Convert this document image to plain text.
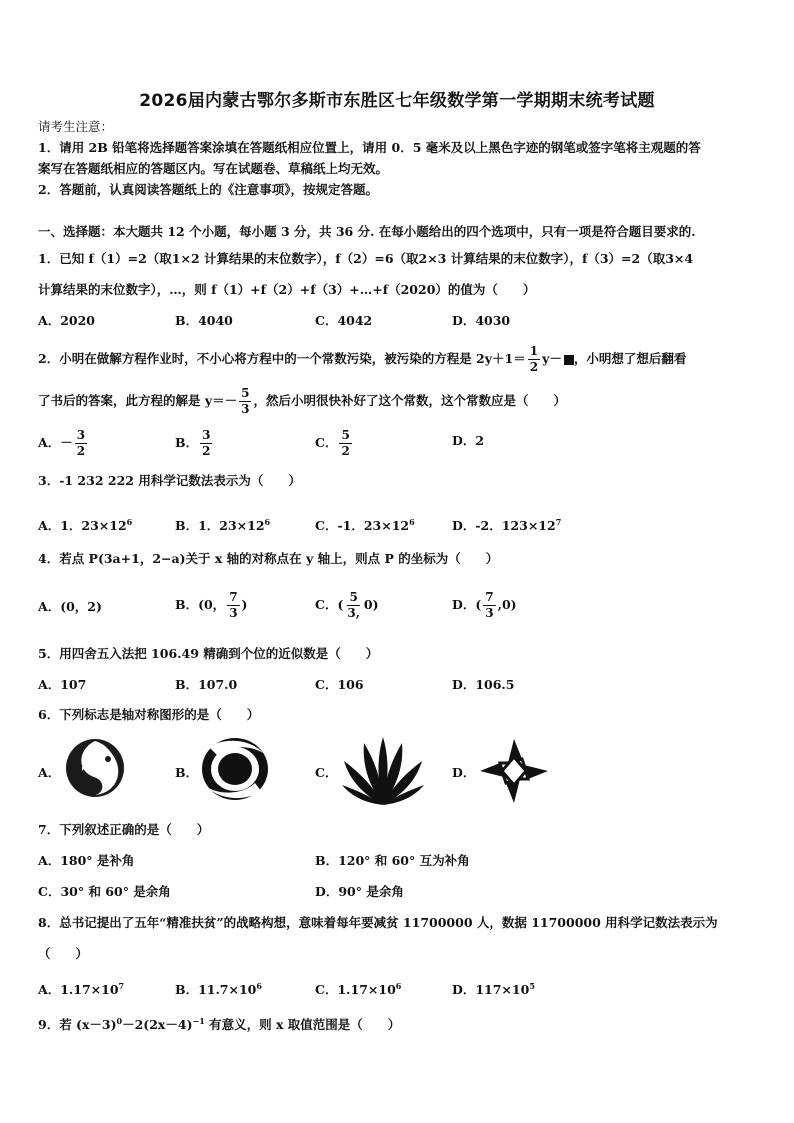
2026届内蒙古鄂尔多斯市东胜区七年级数学第一学期期末统考试题
请考生注意：
1．请用 2B 铅笔将选择题答案涂填在答题纸相应位置上，请用 0．5 毫米及以上黑色字迹的钢笔或签字笔将主观题的答
案写在答题纸相应的答题区内。写在试题卷、草稿纸上均无效。
2．答题前，认真阅读答题纸上的《注意事项》，按规定答题。
一、选择题：本大题共 12 个小题，每小题 3 分，共 36 分. 在每小题给出的四个选项中，只有一项是符合题目要求的.
1．已知 f（1）=2（取1×2 计算结果的末位数字），f（2）=6（取2×3 计算结果的末位数字），f（3）=2（取3×4
计算结果的末位数字），…，则 f（1）+f（2）+f（3）+…+f（2020）的值为（　　）
A．2020	B．4040	C．4042	D．4030
2．小明在做解方程作业时，不小心将方程中的一个常数污染，被污染的方程是 $2y+1= \frac{1}{2} y-$ ，小明想了想后翻看
了书后的答案，此方程的解是 $y=- \frac{5}{3}$ ，然后小明很快补好了这个常数，这个常数应是（　　）
A．－ $\frac{3}{2}$	B． $\frac{3}{2}$	C． $\frac{5}{2}$	D．2
3．-1 232 222 用科学记数法表示为（　　）
A．1．$23\times 12^6$	B．1．$23\times 12^6$	C．-1．$23\times 12^6$	D．-2．$123\times 12^7$
4．若点 P(3a+1，2−a)关于 x 轴的对称点在 y 轴上，则点 P 的坐标为（　　）
A．(0，2)	B．(0， $\frac{7}{3}$ )	C．( $\frac{5}{3,} 0$)	D．( $\frac{7}{3} ,0$)
5．用四舍五入法把 106.49 精确到个位的近似数是（　　）
A．107	B．107.0	C．106	D．106.5
6．下列标志是轴对称图形的是（　　）
A．	B．	C．	D．
7．下列叙述正确的是（　　）
A．180° 是补角	B．120° 和 60° 互为补角
C．30° 和 60° 是余角	D．90° 是余角
8．总书记提出了五年“精准扶贫”的战略构想，意味着每年要减贫 11700000 人，数据 11700000 用科学记数法表示为
（　　）
A．$1.17\times 10^7$	B．$11.7\times 10^6$	C．$1.17\times 10^6$	D．$117\times 10^5$
9．若 $(x-3)^0-2(2x-4)^{-1}$ 有意义，则 x 取值范围是（　　）
